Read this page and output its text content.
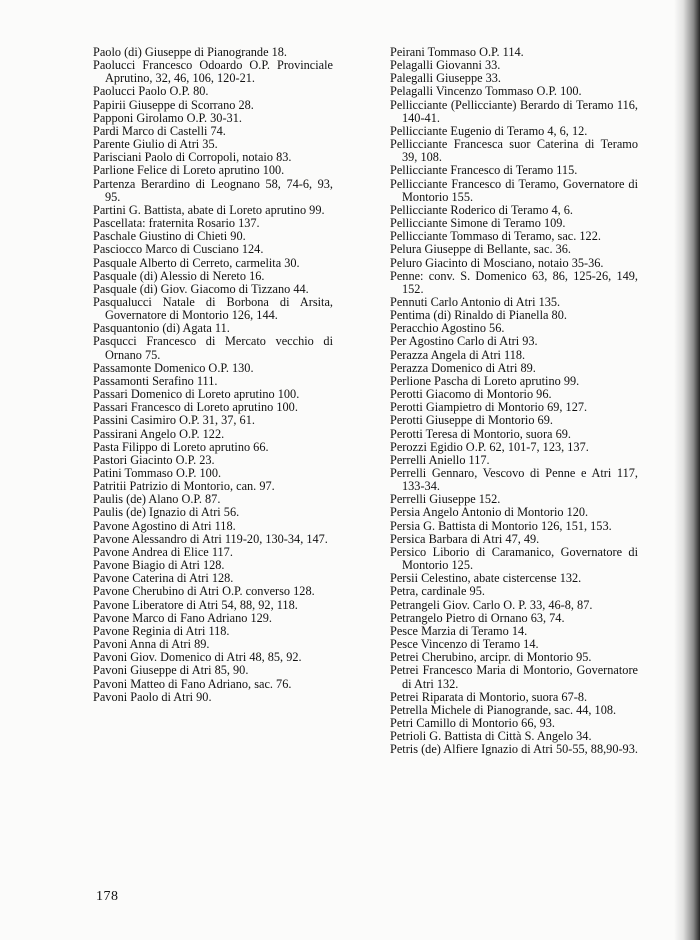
Paolo (di) Giuseppe di Pianogrande 18.
Paolucci Francesco Odoardo O.P. Provinciale Aprutino, 32, 46, 106, 120-21.
Paolucci Paolo O.P. 80.
Papirii Giuseppe di Scorrano 28.
Papponi Girolamo O.P. 30-31.
Pardi Marco di Castelli 74.
Parente Giulio di Atri 35.
Parisciani Paolo di Corropoli, notaio 83.
Parlione Felice di Loreto aprutino 100.
Partenza Berardino di Leognano 58, 74-6, 93, 95.
Partini G. Battista, abate di Loreto aprutino 99.
Pascellata: fraternita Rosario 137.
Paschale Giustino di Chieti 90.
Pasciocco Marco di Cusciano 124.
Pasquale Alberto di Cerreto, carmelita 30.
Pasquale (di) Alessio di Nereto 16.
Pasquale (di) Giov. Giacomo di Tizzano 44.
Pasqualucci Natale di Borbona di Arsita, Governatore di Montorio 126, 144.
Pasquantonio (di) Agata 11.
Pasqucci Francesco di Mercato vecchio di Ornano 75.
Passamonte Domenico O.P. 130.
Passamonti Serafino 111.
Passari Domenico di Loreto aprutino 100.
Passari Francesco di Loreto aprutino 100.
Passini Casimiro O.P. 31, 37, 61.
Passirani Angelo O.P. 122.
Pasta Filippo di Loreto aprutino 66.
Pastori Giacinto O.P. 23.
Patini Tommaso O.P. 100.
Patritii Patrizio di Montorio, can. 97.
Paulis (de) Alano O.P. 87.
Paulis (de) Ignazio di Atri 56.
Pavone Agostino di Atri 118.
Pavone Alessandro di Atri 119-20, 130-34, 147.
Pavone Andrea di Elice 117.
Pavone Biagio di Atri 128.
Pavone Caterina di Atri 128.
Pavone Cherubino di Atri O.P. converso 128.
Pavone Liberatore di Atri 54, 88, 92, 118.
Pavone Marco di Fano Adriano 129.
Pavone Reginia di Atri 118.
Pavoni Anna di Atri 89.
Pavoni Giov. Domenico di Atri 48, 85, 92.
Pavoni Giuseppe di Atri 85, 90.
Pavoni Matteo di Fano Adriano, sac. 76.
Pavoni Paolo di Atri 90.
Peirani Tommaso O.P. 114.
Pelagalli Giovanni 33.
Palegalli Giuseppe 33.
Pelagalli Vincenzo Tommaso O.P. 100.
Pellicciante (Pellicciante) Berardo di Teramo 116, 140-41.
Pellicciante Eugenio di Teramo 4, 6, 12.
Pellicciante Francesca suor Caterina di Teramo 39, 108.
Pellicciante Francesco di Teramo 115.
Pellicciante Francesco di Teramo, Governatore di Montorio 155.
Pellicciante Roderico di Teramo 4, 6.
Pellicciante Simone di Teramo 109.
Pellicciante Tommaso di Teramo, sac. 122.
Pelura Giuseppe di Bellante, sac. 36.
Peluro Giacinto di Mosciano, notaio 35-36.
Penne: conv. S. Domenico 63, 86, 125-26, 149, 152.
Pennuti Carlo Antonio di Atri 135.
Pentima (di) Rinaldo di Pianella 80.
Peracchio Agostino 56.
Per Agostino Carlo di Atri 93.
Perazza Angela di Atri 118.
Perazza Domenico di Atri 89.
Perlione Pascha di Loreto aprutino 99.
Perotti Giacomo di Montorio 96.
Perotti Giampietro di Montorio 69, 127.
Perotti Giuseppe di Montorio 69.
Perotti Teresa di Montorio, suora 69.
Perozzi Egidio O.P. 62, 101-7, 123, 137.
Perrelli Aniello 117.
Perrelli Gennaro, Vescovo di Penne e Atri 117, 133-34.
Perrelli Giuseppe 152.
Persia Angelo Antonio di Montorio 120.
Persia G. Battista di Montorio 126, 151, 153.
Persica Barbara di Atri 47, 49.
Persico Liborio di Caramanico, Governatore di Montorio 125.
Persii Celestino, abate cistercense 132.
Petra, cardinale 95.
Petrangeli Giov. Carlo O. P. 33, 46-8, 87.
Petrangelo Pietro di Ornano 63, 74.
Pesce Marzia di Teramo 14.
Pesce Vincenzo di Teramo 14.
Petrei Cherubino, arcipr. di Montorio 95.
Petrei Francesco Maria di Montorio, Governatore di Atri 132.
Petrei Riparata di Montorio, suora 67-8.
Petrella Michele di Pianogrande, sac. 44, 108.
Petri Camillo di Montorio 66, 93.
Petrioli G. Battista di Città S. Angelo 34.
Petris (de) Alfiere Ignazio di Atri 50-55, 88,90-93.
178
